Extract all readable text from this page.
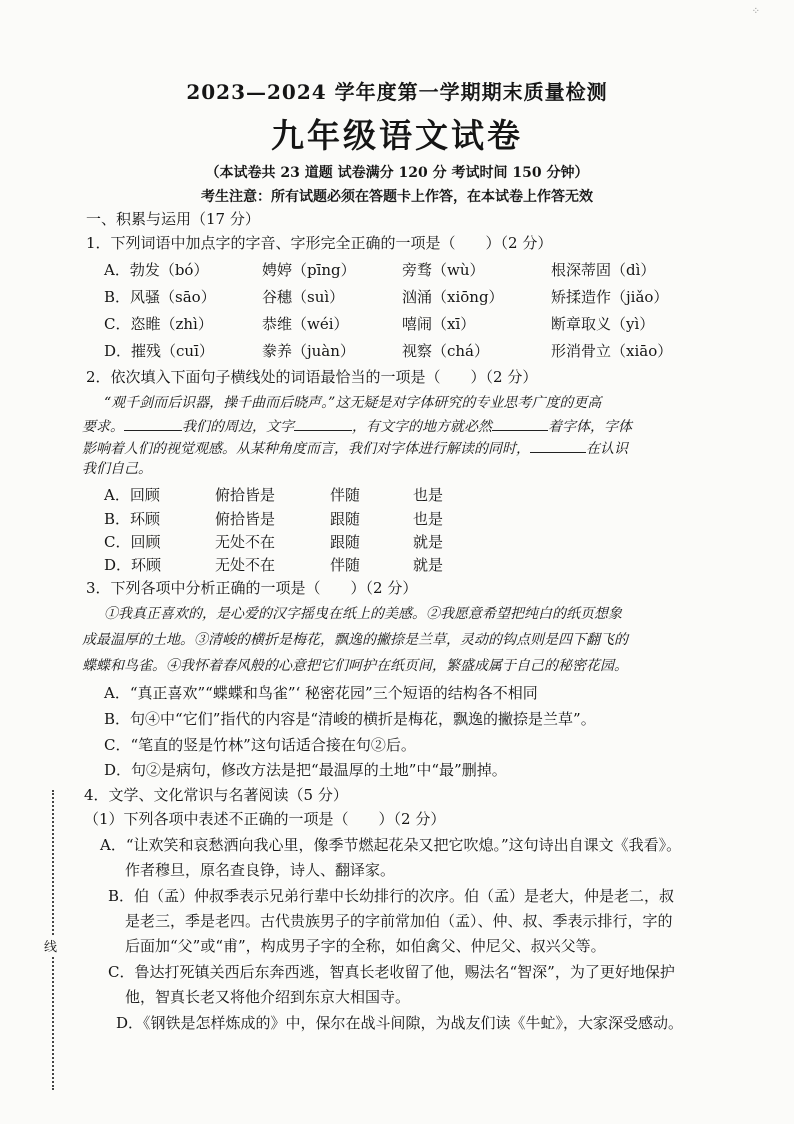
⁘
2023—2024 学年度第一学期期末质量检测
九年级语文试卷
（本试卷共 23 道题 试卷满分 120 分 考试时间 150 分钟）
考生注意：所有试题必须在答题卡上作答，在本试卷上作答无效
一、积累与运用（17 分）
1．下列词语中加点字的字音、字形完全正确的一项是（　　）（2 分）
A．勃发（bó）	娉婷（pīng）	旁骛（wù）	根深蒂固（dì）
B．风骚（sāo）	谷穗（suì）	汹涌（xiōng）	矫揉造作（jiǎo）
C．恣睢（zhì）	恭维（wéi）	嘻闹（xī）	断章取义（yì）
D．摧残（cuī）	豢养（juàn）	视察（chá）	形消骨立（xiāo）
2．依次填入下面句子横线处的词语最恰当的一项是（　　）（2 分）
“观千剑而后识器，操千曲而后晓声。”这无疑是对字体研究的专业思考广度的更高
要求。	我们的周边，文字	，有文字的地方就必然	着字体，字体
影响着人们的视觉观感。从某种角度而言，我们对字体进行解读的同时，	在认识
我们自己。
A．回顾	俯拾皆是	伴随	也是
B．环顾	俯拾皆是	跟随	也是
C．回顾	无处不在	跟随	就是
D．环顾	无处不在	伴随	就是
3．下列各项中分析正确的一项是（　　）（2 分）
①我真正喜欢的，是心爱的汉字摇曳在纸上的美感。②我愿意希望把纯白的纸页想象
成最温厚的土地。③清峻的横折是梅花，飘逸的撇捺是兰草，灵动的钩点则是四下翻飞的
蝶蝶和鸟雀。④我怀着春风般的心意把它们呵护在纸页间，繁盛成属于自己的秘密花园。
A．“真正喜欢”“蝶蝶和鸟雀”‘ 秘密花园”三个短语的结构各不相同
B．句④中“它们”指代的内容是“清峻的横折是梅花，飘逸的撇捺是兰草”。
C．“笔直的竖是竹林”这句话适合接在句②后。
D．句②是病句，修改方法是把“最温厚的土地”中“最”删掉。
4．文学、文化常识与名著阅读（5 分）
（1）下列各项中表述不正确的一项是（　　）（2 分）
A．“让欢笑和哀愁洒向我心里，像季节燃起花朵又把它吹熄。”这句诗出自课文《我看》。
作者穆旦，原名查良铮，诗人、翻译家。
B．伯（孟）仲叔季表示兄弟行辈中长幼排行的次序。伯（孟）是老大，仲是老二，叔
是老三，季是老四。古代贵族男子的字前常加伯（孟）、仲、叔、季表示排行，字的
后面加“父”或“甫”，构成男子字的全称，如伯禽父、仲尼父、叔兴父等。
C．鲁达打死镇关西后东奔西逃，智真长老收留了他，赐法名“智深”，为了更好地保护
他，智真长老又将他介绍到东京大相国寺。
D．《钢铁是怎样炼成的》中，保尔在战斗间隙，为战友们读《牛虻》，大家深受感动。
线
